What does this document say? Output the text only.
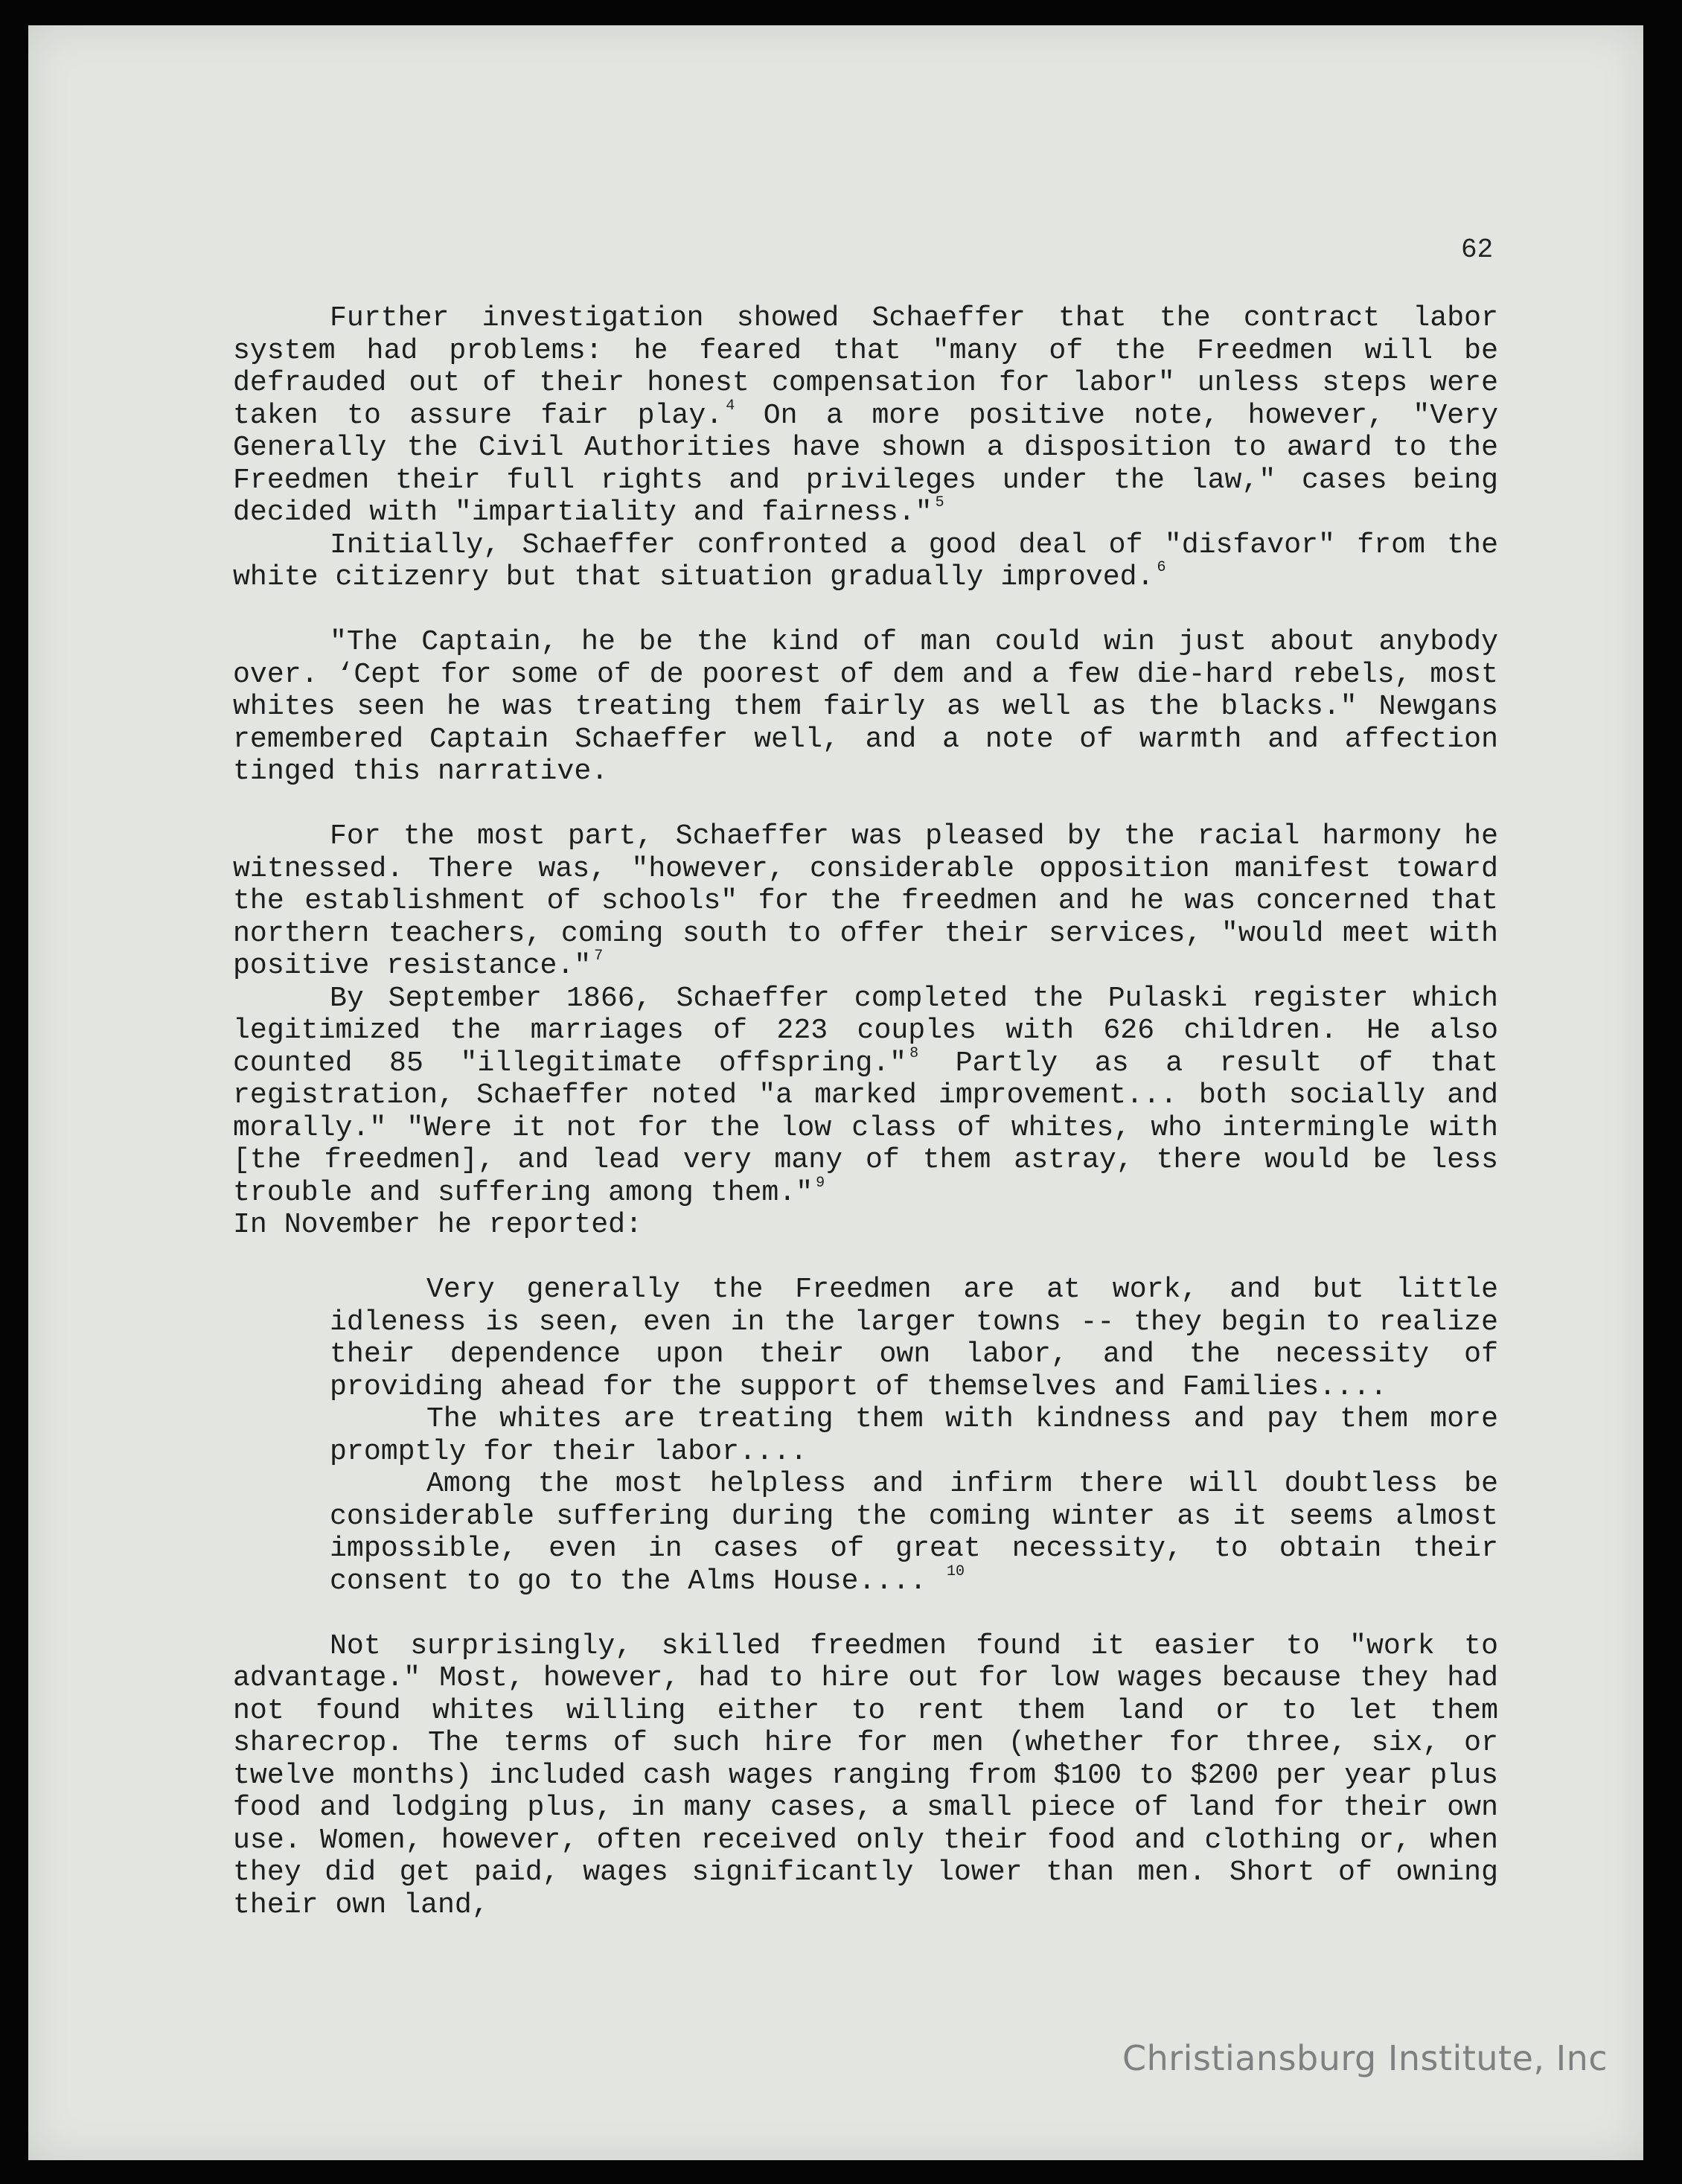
62

Further investigation showed Schaeffer that the contract labor system had problems: he feared that "many of the Freedmen will be defrauded out of their honest compensation for labor" unless steps were taken to assure fair play. $^4$ On a more positive note, however, "Very Generally the Civil Authorities have shown a disposition to award to the Freedmen their full rights and privileges under the law," cases being decided with "impartiality and fairness." $^5$

Initially, Schaeffer confronted a good deal of "disfavor" from the white citizenry but that situation gradually improved. $^6$

"The Captain, he be the kind of man could win just about anybody over. ‘Cept for some of de poorest of dem and a few die-hard rebels, most whites seen he was treating them fairly as well as the blacks." Newgans remembered Captain Schaeffer well, and a note of warmth and affection tinged this narrative.

For the most part, Schaeffer was pleased by the racial harmony he witnessed. There was, "however, considerable opposition manifest toward the establishment of schools" for the freedmen and he was concerned that northern teachers, coming south to offer their services, "would meet with positive resistance." $^7$

By September 1866, Schaeffer completed the Pulaski register which legitimized the marriages of 223 couples with 626 children. He also counted 85 "illegitimate offspring." $^8$ Partly as a result of that registration, Schaeffer noted "a marked improvement... both socially and morally." "Were it not for the low class of whites, who intermingle with [the freedmen], and lead very many of them astray, there would be less trouble and suffering among them." $^9$
In November he reported:

Very generally the Freedmen are at work, and but little idleness is seen, even in the larger towns -- they begin to realize their dependence upon their own labor, and the necessity of providing ahead for the support of themselves and Families....

The whites are treating them with kindness and pay them more promptly for their labor....

Among the most helpless and infirm there will doubtless be considerable suffering during the coming winter as it seems almost impossible, even in cases of great necessity, to obtain their consent to go to the Alms House.... $^{10}$

Not surprisingly, skilled freedmen found it easier to "work to advantage." Most, however, had to hire out for low wages because they had not found whites willing either to rent them land or to let them sharecrop. The terms of such hire for men (whether for three, six, or twelve months) included cash wages ranging from $100 to $200 per year plus food and lodging plus, in many cases, a small piece of land for their own use. Women, however, often received only their food and clothing or, when they did get paid, wages significantly lower than men. Short of owning their own land,

Christiansburg Institute, Inc
